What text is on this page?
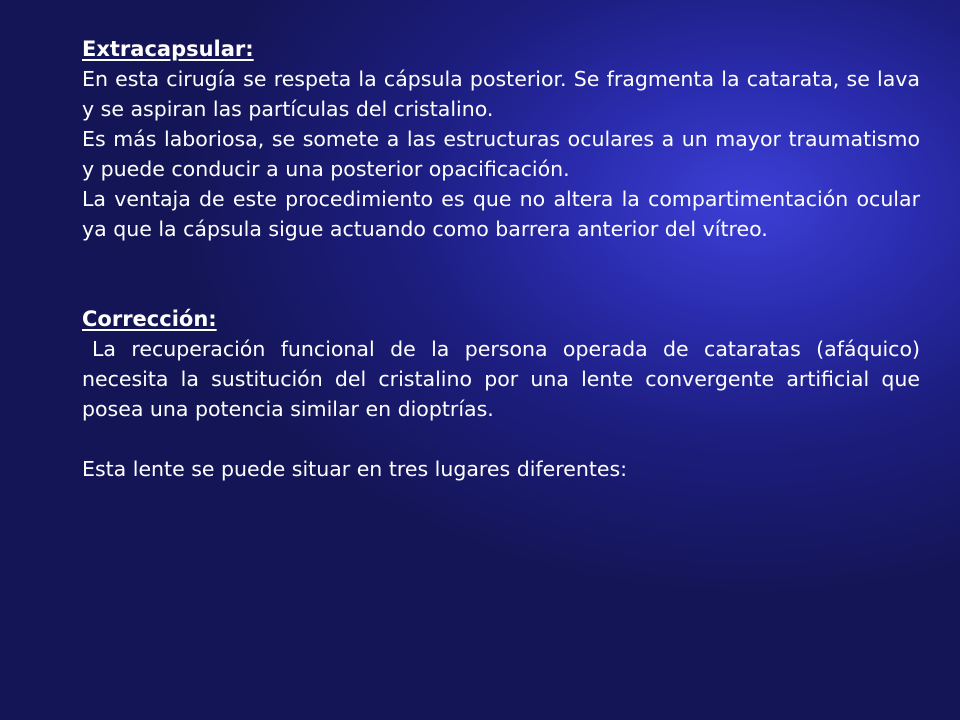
Extracapsular:

En esta cirugía se respeta la cápsula posterior. Se fragmenta la catarata, se lava y se aspiran las partículas del cristalino.

Es más laboriosa, se somete a las estructuras oculares a un mayor traumatismo y puede conducir a una posterior opacificación.

La ventaja de este procedimiento es que no altera la compartimentación ocular ya que la cápsula sigue actuando como barrera anterior del vítreo.

Corrección:

La recuperación funcional de la persona operada de cataratas (afáquico) necesita la sustitución del cristalino por una lente convergente artificial que posea una potencia similar en dioptrías.

Esta lente se puede situar en tres lugares diferentes:
